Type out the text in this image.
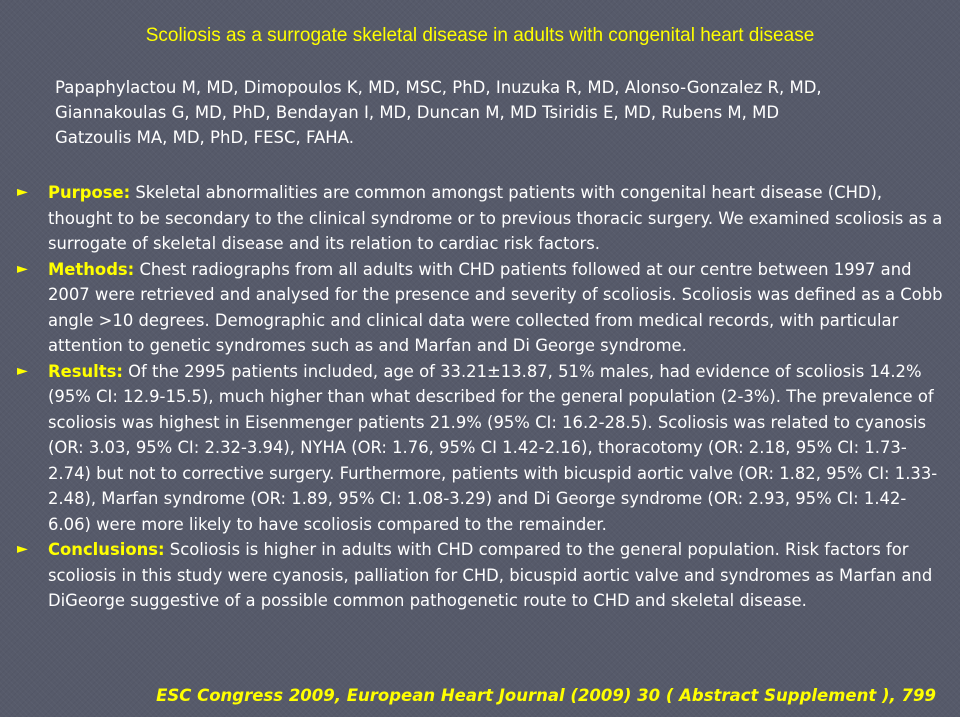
Scoliosis as a surrogate skeletal disease in adults with congenital heart disease
Papaphylactou M, MD, Dimopoulos K, MD, MSC, PhD, Inuzuka R, MD, Alonso-Gonzalez R, MD,
Giannakoulas G, MD, PhD, Bendayan I, MD, Duncan M, MD Tsiridis E, MD, Rubens M, MD
Gatzoulis MA, MD, PhD, FESC, FAHA.
► Purpose: Skeletal abnormalities are common amongst patients with congenital heart disease (CHD), thought to be secondary to the clinical syndrome or to previous thoracic surgery. We examined scoliosis as a surrogate of skeletal disease and its relation to cardiac risk factors.
► Methods: Chest radiographs from all adults with CHD patients followed at our centre between 1997 and 2007 were retrieved and analysed for the presence and severity of scoliosis. Scoliosis was defined as a Cobb angle >10 degrees. Demographic and clinical data were collected from medical records, with particular attention to genetic syndromes such as and Marfan and Di George syndrome.
► Results: Of the 2995 patients included, age of 33.21±13.87, 51% males, had evidence of scoliosis 14.2% (95% CI: 12.9-15.5), much higher than what described for the general population (2-3%). The prevalence of scoliosis was highest in Eisenmenger patients 21.9% (95% CI: 16.2-28.5). Scoliosis was related to cyanosis (OR: 3.03, 95% CI: 2.32-3.94), NYHA (OR: 1.76, 95% CI 1.42-2.16), thoracotomy (OR: 2.18, 95% CI: 1.73-2.74) but not to corrective surgery. Furthermore, patients with bicuspid aortic valve (OR: 1.82, 95% CI: 1.33-2.48), Marfan syndrome (OR: 1.89, 95% CI: 1.08-3.29) and Di George syndrome (OR: 2.93, 95% CI: 1.42-6.06) were more likely to have scoliosis compared to the remainder.
► Conclusions: Scoliosis is higher in adults with CHD compared to the general population. Risk factors for scoliosis in this study were cyanosis, palliation for CHD, bicuspid aortic valve and syndromes as Marfan and DiGeorge suggestive of a possible common pathogenetic route to CHD and skeletal disease.
ESC Congress 2009, European Heart Journal (2009) 30 ( Abstract Supplement ), 799
